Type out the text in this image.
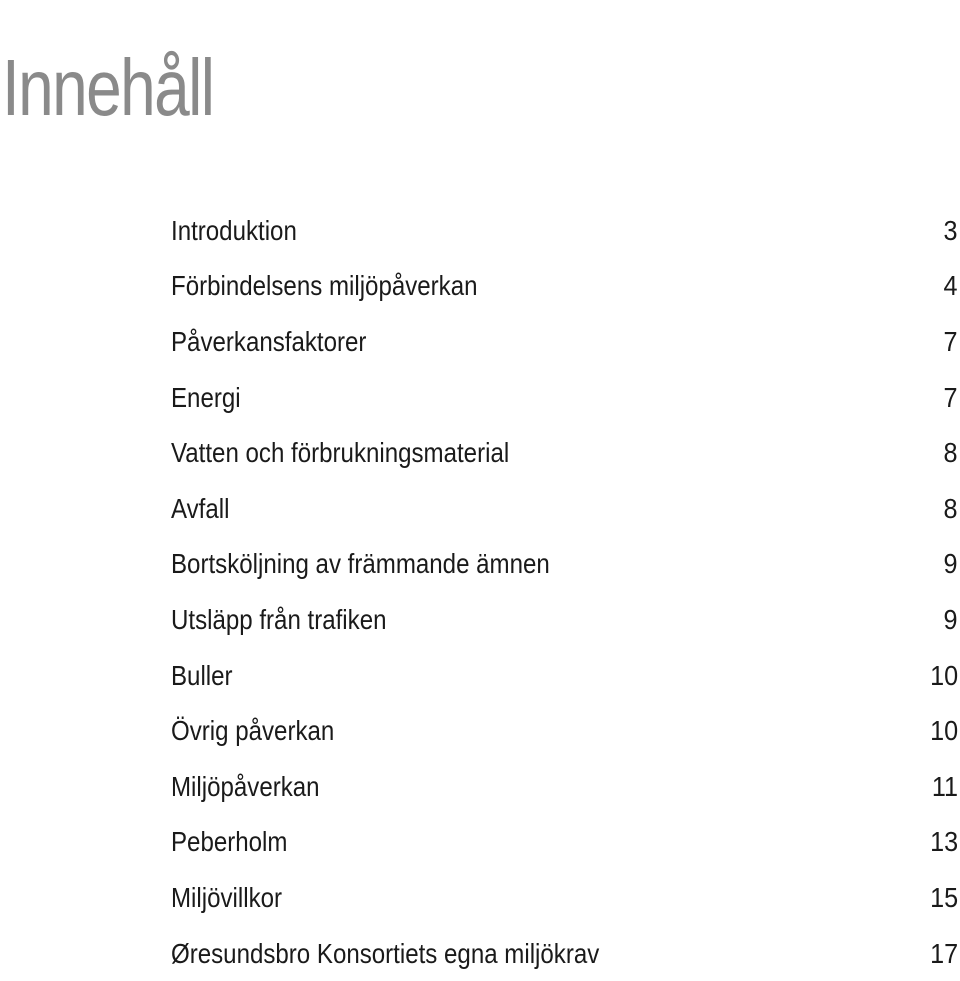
Innehåll
Introduktion	3
Förbindelsens miljöpåverkan	4
Påverkansfaktorer	7
Energi	7
Vatten och förbrukningsmaterial	8
Avfall	8
Bortsköljning av främmande ämnen	9
Utsläpp från trafiken	9
Buller	10
Övrig påverkan	10
Miljöpåverkan	11
Peberholm	13
Miljövillkor	15
Øresundsbro Konsortiets egna miljökrav	17
